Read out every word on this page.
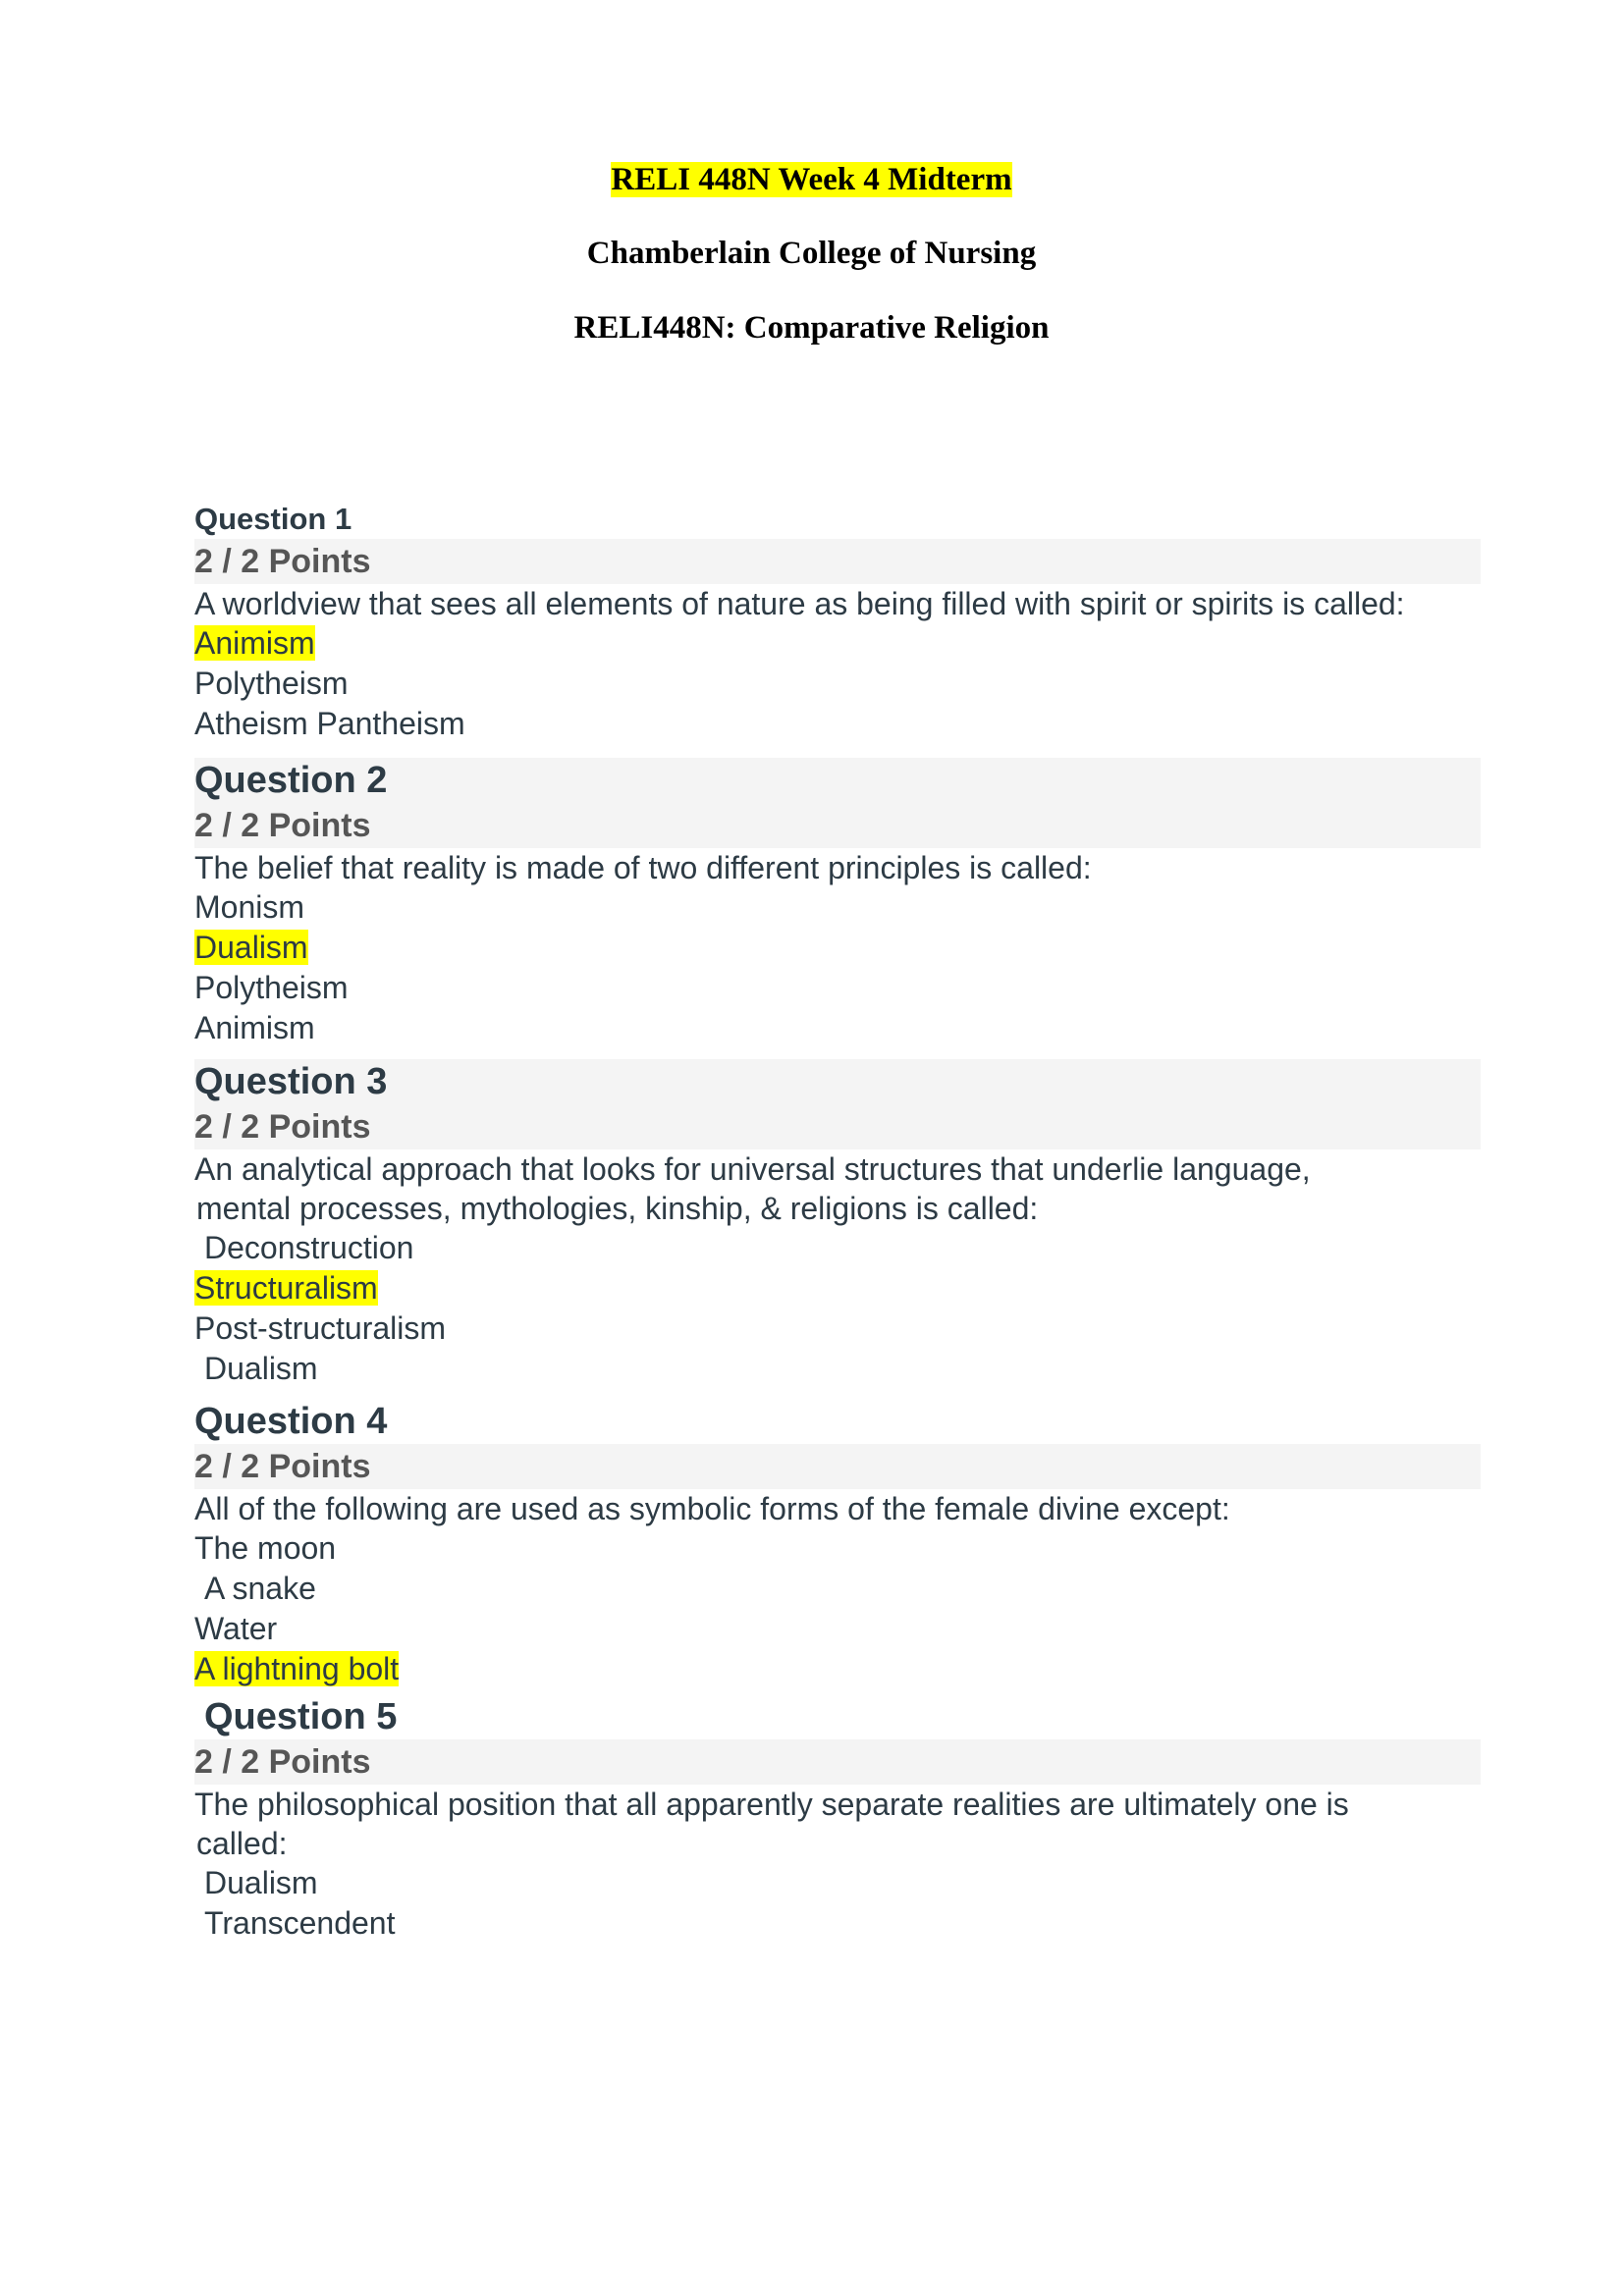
RELI 448N Week 4 Midterm
Chamberlain College of Nursing
RELI448N: Comparative Religion
Question 1
2 / 2 Points
A worldview that sees all elements of nature as being filled with spirit or spirits is called:
Animism
Polytheism
Atheism Pantheism
Question 2
2 / 2 Points
The belief that reality is made of two different principles is called:
Monism
Dualism
Polytheism
Animism
Question 3
2 / 2 Points
An analytical approach that looks for universal structures that underlie language,
mental processes, mythologies, kinship, & religions is called:
Deconstruction
Structuralism
Post-structuralism
Dualism
Question 4
2 / 2 Points
All of the following are used as symbolic forms of the female divine except:
The moon
A snake
Water
A lightning bolt
Question 5
2 / 2 Points
The philosophical position that all apparently separate realities are ultimately one is
called:
Dualism
Transcendent
